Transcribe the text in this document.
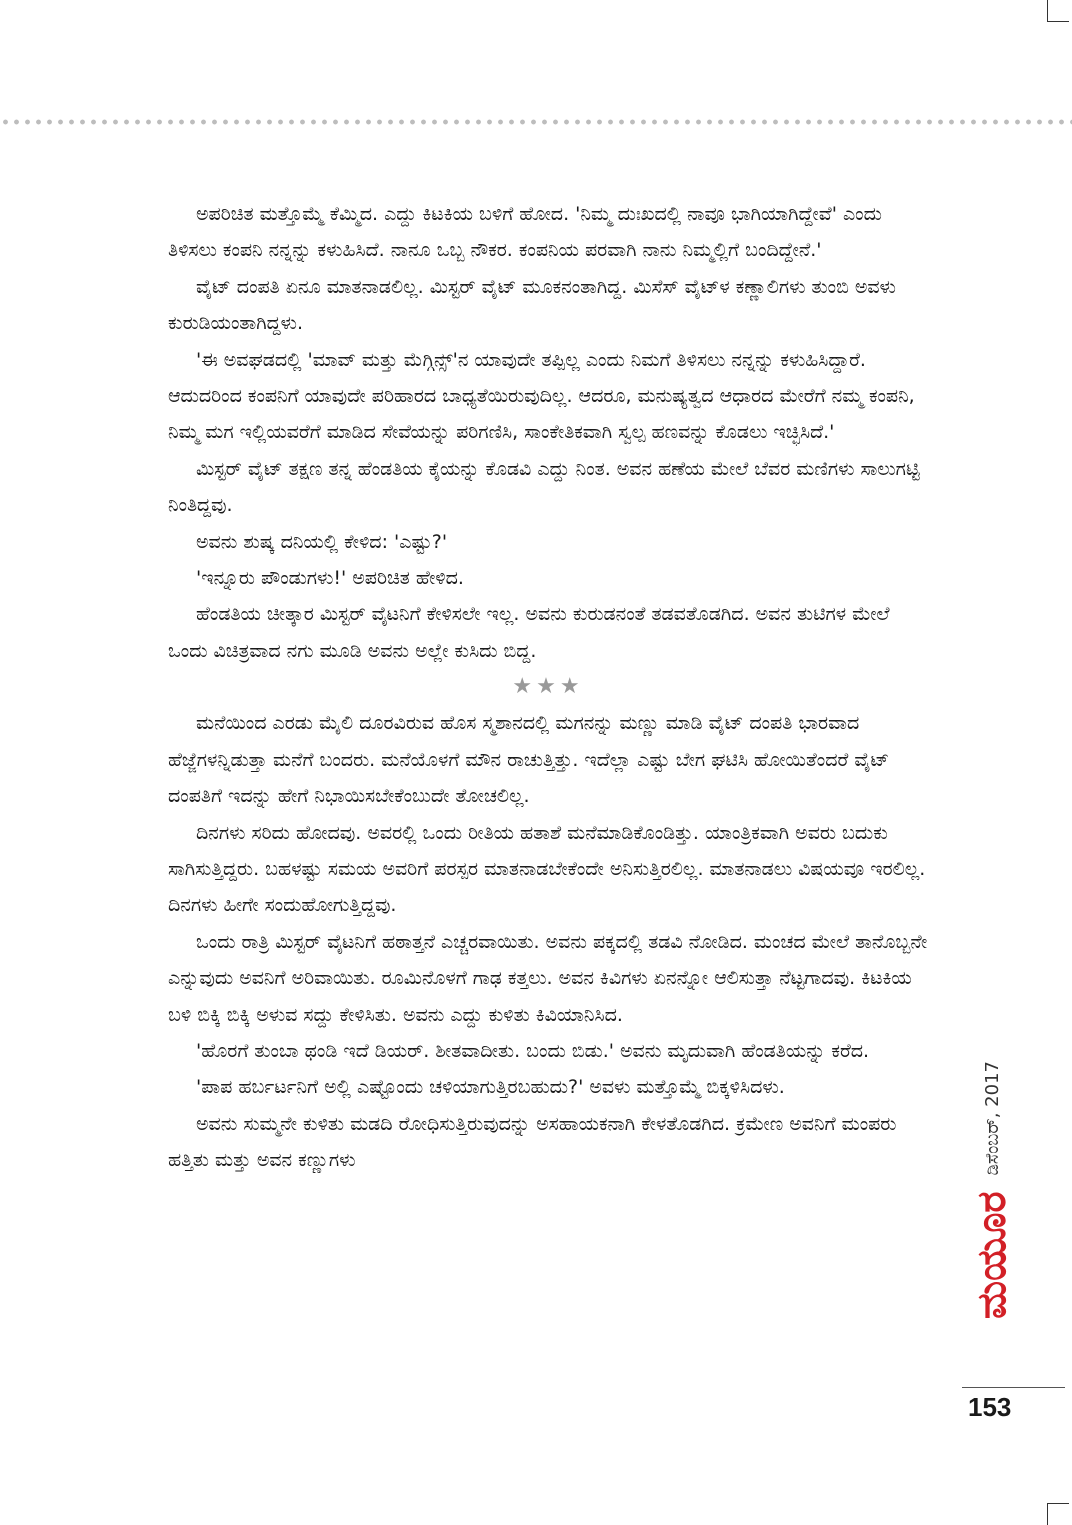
ಅಪರಿಚಿತ ಮತ್ತೊಮ್ಮೆ ಕೆಮ್ಮಿದ. ಎದ್ದು ಕಿಟಕಿಯ ಬಳಿಗೆ ಹೋದ. 'ನಿಮ್ಮ ದುಃಖದಲ್ಲಿ ನಾವೂ ಭಾಗಿಯಾಗಿದ್ದೇವೆ' ಎಂದು ತಿಳಿಸಲು ಕಂಪನಿ ನನ್ನನ್ನು ಕಳುಹಿಸಿದೆ. ನಾನೂ ಒಬ್ಬ ನೌಕರ. ಕಂಪನಿಯ ಪರವಾಗಿ ನಾನು ನಿಮ್ಮಲ್ಲಿಗೆ ಬಂದಿದ್ದೇನೆ.'

ವೈಟ್ ದಂಪತಿ ಏನೂ ಮಾತನಾಡಲಿಲ್ಲ. ಮಿಸ್ಟರ್ ವೈಟ್ ಮೂಕನಂತಾಗಿದ್ದ. ಮಿಸೆಸ್ ವೈಟ್‌ಳ ಕಣ್ಣಾಲಿಗಳು ತುಂಬಿ ಅವಳು ಕುರುಡಿಯಂತಾಗಿದ್ದಳು.

'ಈ ಅವಘಡದಲ್ಲಿ 'ಮಾವ್ ಮತ್ತು ಮೆಗ್ಗಿನ್ಸ್'ನ ಯಾವುದೇ ತಪ್ಪಿಲ್ಲ ಎಂದು ನಿಮಗೆ ತಿಳಿಸಲು ನನ್ನನ್ನು ಕಳುಹಿಸಿದ್ದಾರೆ. ಆದುದರಿಂದ ಕಂಪನಿಗೆ ಯಾವುದೇ ಪರಿಹಾರದ ಬಾಧ್ಯತೆಯಿರುವುದಿಲ್ಲ. ಆದರೂ, ಮನುಷ್ಯತ್ವದ ಆಧಾರದ ಮೇರೆಗೆ ನಮ್ಮ ಕಂಪನಿ, ನಿಮ್ಮ ಮಗ ಇಲ್ಲಿಯವರೆಗೆ ಮಾಡಿದ ಸೇವೆಯನ್ನು ಪರಿಗಣಿಸಿ, ಸಾಂಕೇತಿಕವಾಗಿ ಸ್ವಲ್ಪ ಹಣವನ್ನು ಕೊಡಲು ಇಚ್ಛಿಸಿದೆ.'

ಮಿಸ್ಟರ್ ವೈಟ್ ತಕ್ಷಣ ತನ್ನ ಹೆಂಡತಿಯ ಕೈಯನ್ನು ಕೊಡವಿ ಎದ್ದು ನಿಂತ. ಅವನ ಹಣೆಯ ಮೇಲೆ ಬೆವರ ಮಣಿಗಳು ಸಾಲುಗಟ್ಟಿ ನಿಂತಿದ್ದವು.

ಅವನು ಶುಷ್ಕ ದನಿಯಲ್ಲಿ ಕೇಳಿದ: 'ಎಷ್ಟು?'

'ಇನ್ನೂರು ಪೌಂಡುಗಳು!' ಅಪರಿಚಿತ ಹೇಳಿದ.

ಹೆಂಡತಿಯ ಚೀತ್ಕಾರ ಮಿಸ್ಟರ್ ವೈಟನಿಗೆ ಕೇಳಿಸಲೇ ಇಲ್ಲ. ಅವನು ಕುರುಡನಂತೆ ತಡವತೊಡಗಿದ. ಅವನ ತುಟಿಗಳ ಮೇಲೆ ಒಂದು ವಿಚಿತ್ರವಾದ ನಗು ಮೂಡಿ ಅವನು ಅಲ್ಲೇ ಕುಸಿದು ಬಿದ್ದ.

★★★

ಮನೆಯಿಂದ ಎರಡು ಮೈಲಿ ದೂರವಿರುವ ಹೊಸ ಸ್ಮಶಾನದಲ್ಲಿ ಮಗನನ್ನು ಮಣ್ಣು ಮಾಡಿ ವೈಟ್ ದಂಪತಿ ಭಾರವಾದ ಹೆಜ್ಜೆಗಳನ್ನಿಡುತ್ತಾ ಮನೆಗೆ ಬಂದರು. ಮನೆಯೊಳಗೆ ಮೌನ ರಾಚುತ್ತಿತ್ತು. ಇದೆಲ್ಲಾ ಎಷ್ಟು ಬೇಗ ಘಟಿಸಿ ಹೋಯಿತೆಂದರೆ ವೈಟ್ ದಂಪತಿಗೆ ಇದನ್ನು ಹೇಗೆ ನಿಭಾಯಿಸಬೇಕೆಂಬುದೇ ತೋಚಲಿಲ್ಲ.

ದಿನಗಳು ಸರಿದು ಹೋದವು. ಅವರಲ್ಲಿ ಒಂದು ರೀತಿಯ ಹತಾಶೆ ಮನೆಮಾಡಿಕೊಂಡಿತ್ತು. ಯಾಂತ್ರಿಕವಾಗಿ ಅವರು ಬದುಕು ಸಾಗಿಸುತ್ತಿದ್ದರು. ಬಹಳಷ್ಟು ಸಮಯ ಅವರಿಗೆ ಪರಸ್ಪರ ಮಾತನಾಡಬೇಕೆಂದೇ ಅನಿಸುತ್ತಿರಲಿಲ್ಲ. ಮಾತನಾಡಲು ವಿಷಯವೂ ಇರಲಿಲ್ಲ. ದಿನಗಳು ಹೀಗೇ ಸಂದುಹೋಗುತ್ತಿದ್ದವು.

ಒಂದು ರಾತ್ರಿ ಮಿಸ್ಟರ್ ವೈಟನಿಗೆ ಹಠಾತ್ತನೆ ಎಚ್ಚರವಾಯಿತು. ಅವನು ಪಕ್ಕದಲ್ಲಿ ತಡವಿ ನೋಡಿದ. ಮಂಚದ ಮೇಲೆ ತಾನೊಬ್ಬನೇ ಎನ್ನುವುದು ಅವನಿಗೆ ಅರಿವಾಯಿತು. ರೂಮಿನೊಳಗೆ ಗಾಢ ಕತ್ತಲು. ಅವನ ಕಿವಿಗಳು ಏನನ್ನೋ ಆಲಿಸುತ್ತಾ ನೆಟ್ಟಗಾದವು. ಕಿಟಕಿಯ ಬಳಿ ಬಿಕ್ಕಿ ಬಿಕ್ಕಿ ಅಳುವ ಸದ್ದು ಕೇಳಿಸಿತು. ಅವನು ಎದ್ದು ಕುಳಿತು ಕಿವಿಯಾನಿಸಿದ.

'ಹೊರಗೆ ತುಂಬಾ ಥಂಡಿ ಇದೆ ಡಿಯರ್. ಶೀತವಾದೀತು. ಬಂದು ಬಿಡು.' ಅವನು ಮೃದುವಾಗಿ ಹೆಂಡತಿಯನ್ನು ಕರೆದ.

'ಪಾಪ ಹರ್ಬರ್ಟನಿಗೆ ಅಲ್ಲಿ ಎಷ್ಟೊಂದು ಚಳಿಯಾಗುತ್ತಿರಬಹುದು?' ಅವಳು ಮತ್ತೊಮ್ಮೆ ಬಿಕ್ಕಳಿಸಿದಳು.

ಅವನು ಸುಮ್ಮನೇ ಕುಳಿತು ಮಡದಿ ರೋಧಿಸುತ್ತಿರುವುದನ್ನು ಅಸಹಾಯಕನಾಗಿ ಕೇಳತೊಡಗಿದ. ಕ್ರಮೇಣ ಅವನಿಗೆ ಮಂಪರು ಹತ್ತಿತು ಮತ್ತು ಅವನ ಕಣ್ಣುಗಳು

ಮಯೂರ
ಡಿಸೆಂಬರ್, 2017
153
